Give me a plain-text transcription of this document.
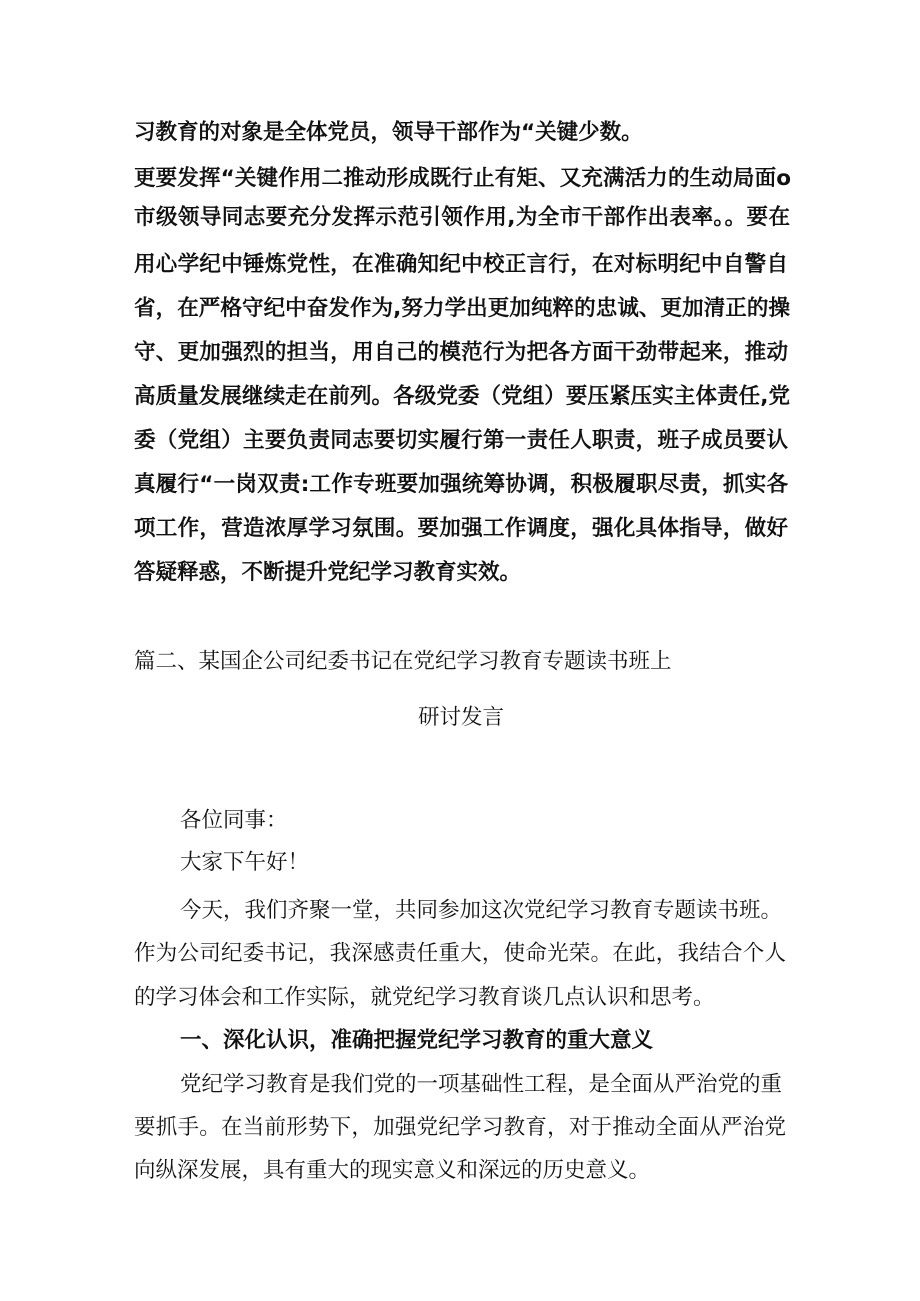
习教育的对象是全体党员，领导干部作为“关键少数。
更要发挥“关键作用二推动形成既行止有矩、又充满活力的生动局面o
市级领导同志要充分发挥示范引领作用,为全市干部作出表率。。要在
用心学纪中锤炼党性，在准确知纪中校正言行，在对标明纪中自警自
省，在严格守纪中奋发作为,努力学出更加纯粹的忠诚、更加清正的操
守、更加强烈的担当，用自己的模范行为把各方面干劲带起来，推动
高质量发展继续走在前列。各级党委（党组）要压紧压实主体责任,党
委（党组）主要负责同志要切实履行第一责任人职责，班子成员要认
真履行“一岗双责:工作专班要加强统筹协调，积极履职尽责，抓实各
项工作，营造浓厚学习氛围。要加强工作调度，强化具体指导，做好
答疑释惑，不断提升党纪学习教育实效。
篇二、某国企公司纪委书记在党纪学习教育专题读书班上
研讨发言
各位同事：
大家下午好！
今天，我们齐聚一堂，共同参加这次党纪学习教育专题读书班。
作为公司纪委书记，我深感责任重大，使命光荣。在此，我结合个人
的学习体会和工作实际，就党纪学习教育谈几点认识和思考。
一、深化认识，准确把握党纪学习教育的重大意义
党纪学习教育是我们党的一项基础性工程，是全面从严治党的重
要抓手。在当前形势下，加强党纪学习教育，对于推动全面从严治党
向纵深发展，具有重大的现实意义和深远的历史意义。
